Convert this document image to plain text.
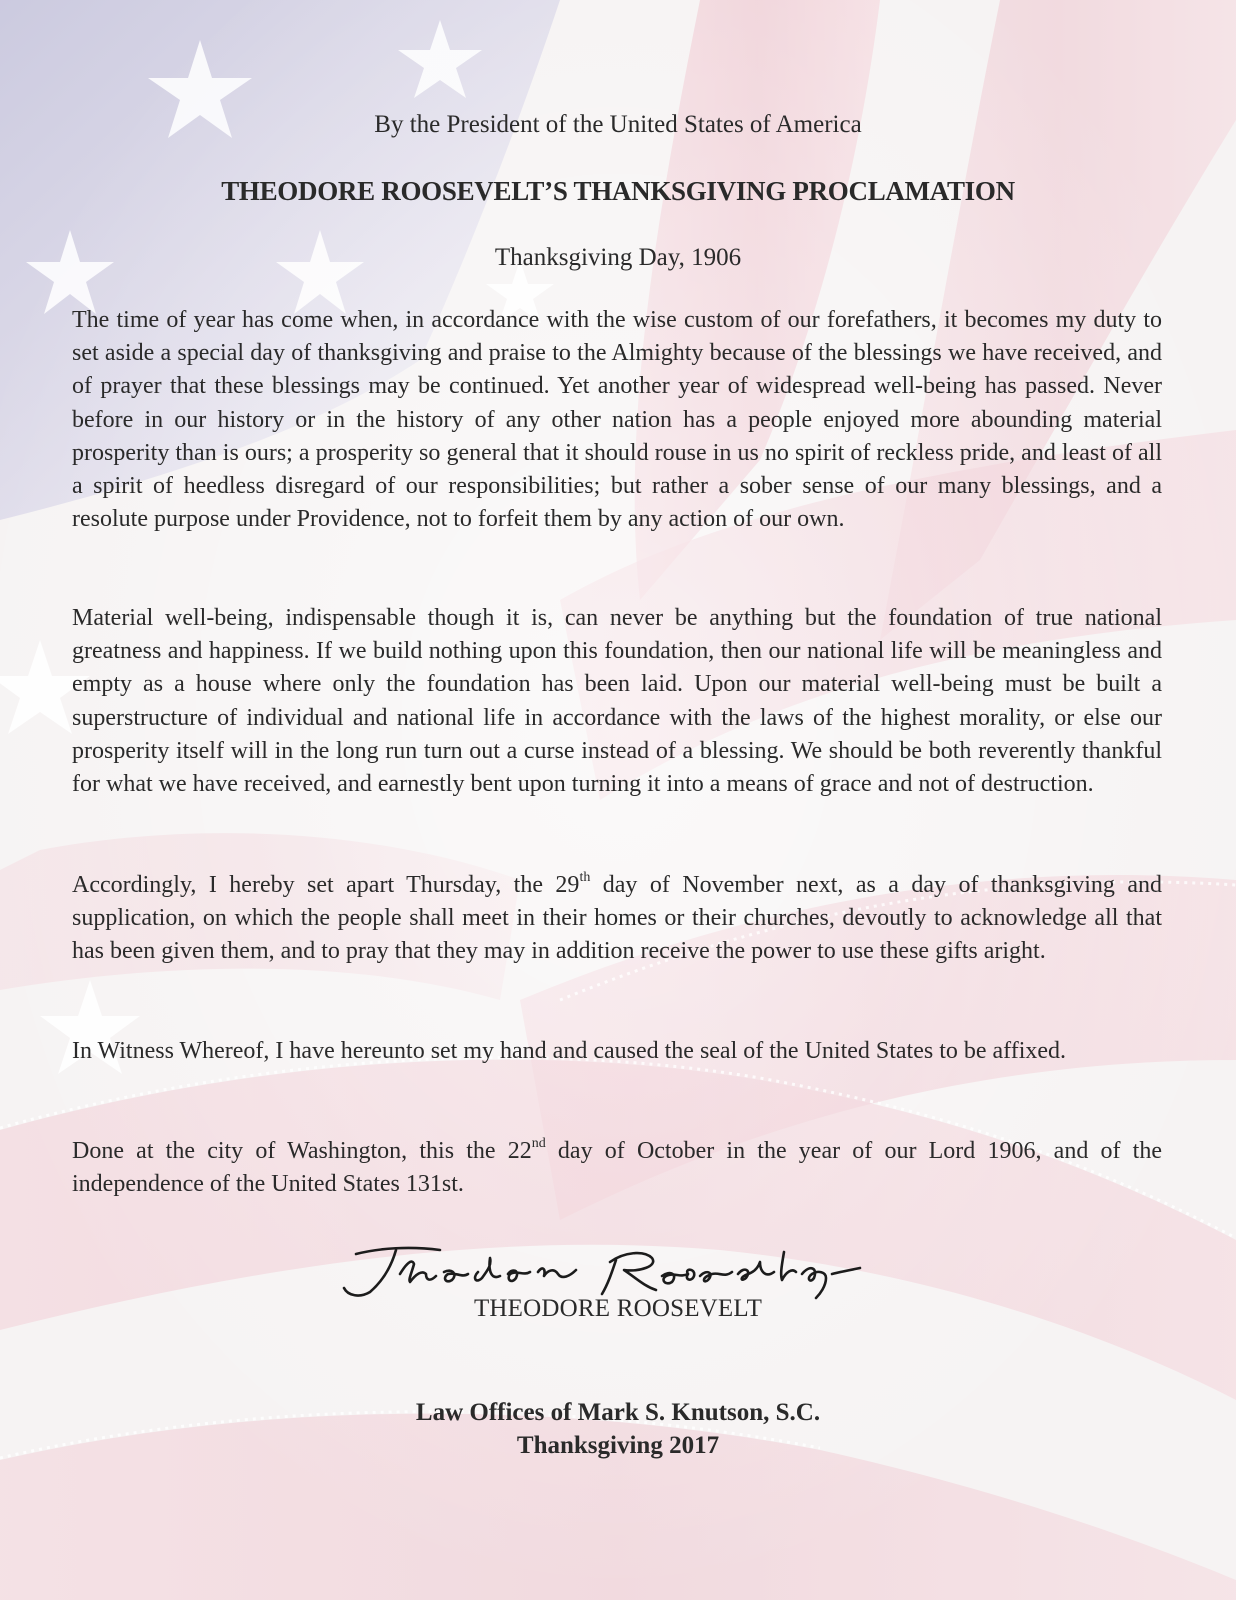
By the President of the United States of America
THEODORE ROOSEVELT’S THANKSGIVING PROCLAMATION
Thanksgiving Day, 1906

The time of year has come when, in accordance with the wise custom of our forefathers, it becomes my duty to set aside a special day of thanksgiving and praise to the Almighty because of the blessings we have received, and of prayer that these blessings may be continued. Yet another year of widespread well-being has passed. Never before in our history or in the history of any other nation has a people enjoyed more abounding material prosperity than is ours; a prosperity so general that it should rouse in us no spirit of reckless pride, and least of all a spirit of heedless disregard of our responsibilities; but rather a sober sense of our many blessings, and a resolute purpose under Providence, not to forfeit them by any action of our own.

Material well-being, indispensable though it is, can never be anything but the foundation of true national greatness and happiness. If we build nothing upon this foundation, then our national life will be meaningless and empty as a house where only the foundation has been laid. Upon our material well-being must be built a superstructure of individual and national life in accordance with the laws of the highest morality, or else our prosperity itself will in the long run turn out a curse instead of a blessing. We should be both reverently thankful for what we have received, and earnestly bent upon turning it into a means of grace and not of destruction.

Accordingly, I hereby set apart Thursday, the 29th day of November next, as a day of thanksgiving and supplication, on which the people shall meet in their homes or their churches, devoutly to acknowledge all that has been given them, and to pray that they may in addition receive the power to use these gifts aright.

In Witness Whereof, I have hereunto set my hand and caused the seal of the United States to be affixed.

Done at the city of Washington, this the 22nd day of October in the year of our Lord 1906, and of the independence of the United States 131st.

THEODORE ROOSEVELT
Law Offices of Mark S. Knutson, S.C.
Thanksgiving 2017
